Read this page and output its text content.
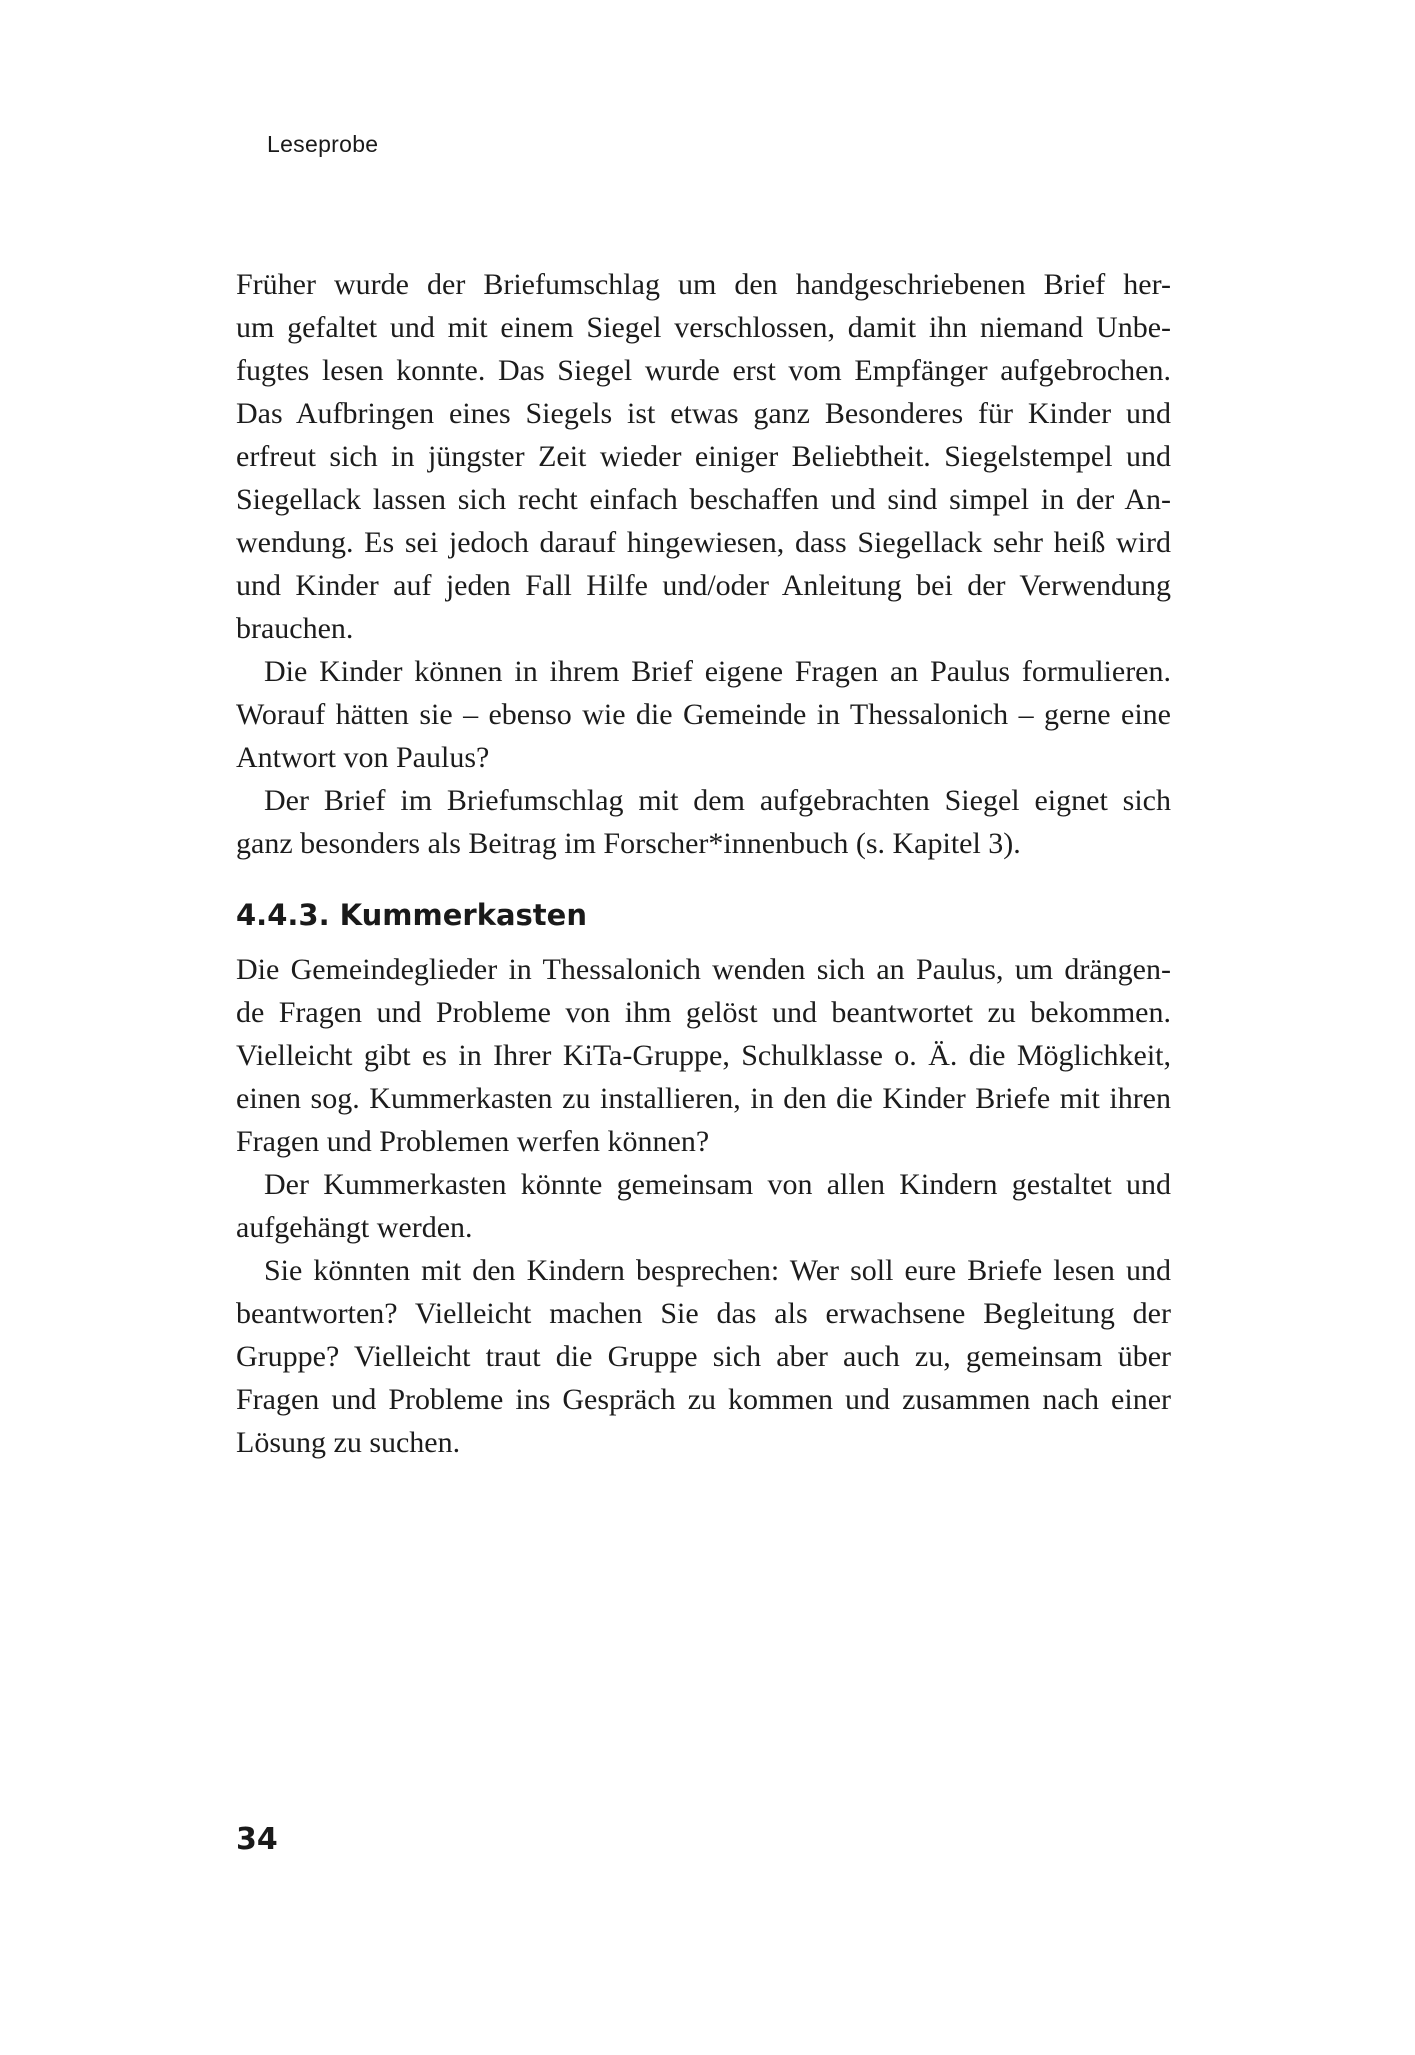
Leseprobe

Früher wurde der Briefumschlag um den handgeschriebenen Brief her-
um gefaltet und mit einem Siegel verschlossen, damit ihn niemand Unbe-
fugtes lesen konnte. Das Siegel wurde erst vom Empfänger aufgebrochen.
Das Aufbringen eines Siegels ist etwas ganz Besonderes für Kinder und
erfreut sich in jüngster Zeit wieder einiger Beliebtheit. Siegelstempel und
Siegellack lassen sich recht einfach beschaffen und sind simpel in der An-
wendung. Es sei jedoch darauf hingewiesen, dass Siegellack sehr heiß wird
und Kinder auf jeden Fall Hilfe und/oder Anleitung bei der Verwendung
brauchen.

Die Kinder können in ihrem Brief eigene Fragen an Paulus formulieren.
Worauf hätten sie – ebenso wie die Gemeinde in Thessalonich – gerne eine
Antwort von Paulus?

Der Brief im Briefumschlag mit dem aufgebrachten Siegel eignet sich
ganz besonders als Beitrag im Forscher*innenbuch (s. Kapitel 3).

4.4.3. Kummerkasten

Die Gemeindeglieder in Thessalonich wenden sich an Paulus, um drängen-
de Fragen und Probleme von ihm gelöst und beantwortet zu bekommen.
Vielleicht gibt es in Ihrer KiTa-Gruppe, Schulklasse o. Ä. die Möglichkeit,
einen sog. Kummerkasten zu installieren, in den die Kinder Briefe mit ihren
Fragen und Problemen werfen können?

Der Kummerkasten könnte gemeinsam von allen Kindern gestaltet und
aufgehängt werden.

Sie könnten mit den Kindern besprechen: Wer soll eure Briefe lesen und
beantworten? Vielleicht machen Sie das als erwachsene Begleitung der
Gruppe? Vielleicht traut die Gruppe sich aber auch zu, gemeinsam über
Fragen und Probleme ins Gespräch zu kommen und zusammen nach einer
Lösung zu suchen.

34
